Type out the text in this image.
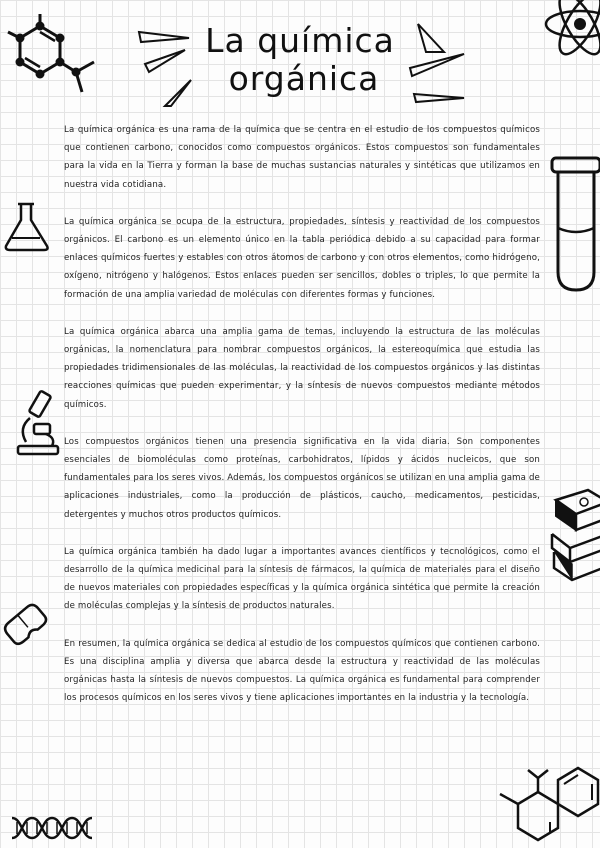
La química

orgánica

La química orgánica es una rama de la química que se centra en el estudio de los compuestos químicos que contienen carbono, conocidos como compuestos orgánicos. Estos compuestos son fundamentales para la vida en la Tierra y forman la base de muchas sustancias naturales y sintéticas que utilizamos en nuestra vida cotidiana.

La química orgánica se ocupa de la estructura, propiedades, síntesis y reactividad de los compuestos orgánicos. El carbono es un elemento único en la tabla periódica debido a su capacidad para formar enlaces químicos fuertes y estables con otros átomos de carbono y con otros elementos, como hidrógeno, oxígeno, nitrógeno y halógenos. Estos enlaces pueden ser sencillos, dobles o triples, lo que permite la formación de una amplia variedad de moléculas con diferentes formas y funciones.

La química orgánica abarca una amplia gama de temas, incluyendo la estructura de las moléculas orgánicas, la nomenclatura para nombrar compuestos orgánicos, la estereoquímica que estudia las propiedades tridimensionales de las moléculas, la reactividad de los compuestos orgánicos y las distintas reacciones químicas que pueden experimentar, y la síntesis de nuevos compuestos mediante métodos químicos.

Los compuestos orgánicos tienen una presencia significativa en la vida diaria. Son componentes esenciales de biomoléculas como proteínas, carbohidratos, lípidos y ácidos nucleicos, que son fundamentales para los seres vivos. Además, los compuestos orgánicos se utilizan en una amplia gama de aplicaciones industriales, como la producción de plásticos, caucho, medicamentos, pesticidas, detergentes y muchos otros productos químicos.

La química orgánica también ha dado lugar a importantes avances científicos y tecnológicos, como el desarrollo de la química medicinal para la síntesis de fármacos, la química de materiales para el diseño de nuevos materiales con propiedades específicas y la química orgánica sintética que permite la creación de moléculas complejas y la síntesis de productos naturales.

En resumen, la química orgánica se dedica al estudio de los compuestos químicos que contienen carbono. Es una disciplina amplia y diversa que abarca desde la estructura y reactividad de las moléculas orgánicas hasta la síntesis de nuevos compuestos. La química orgánica es fundamental para comprender los procesos químicos en los seres vivos y tiene aplicaciones importantes en la industria y la tecnología.
